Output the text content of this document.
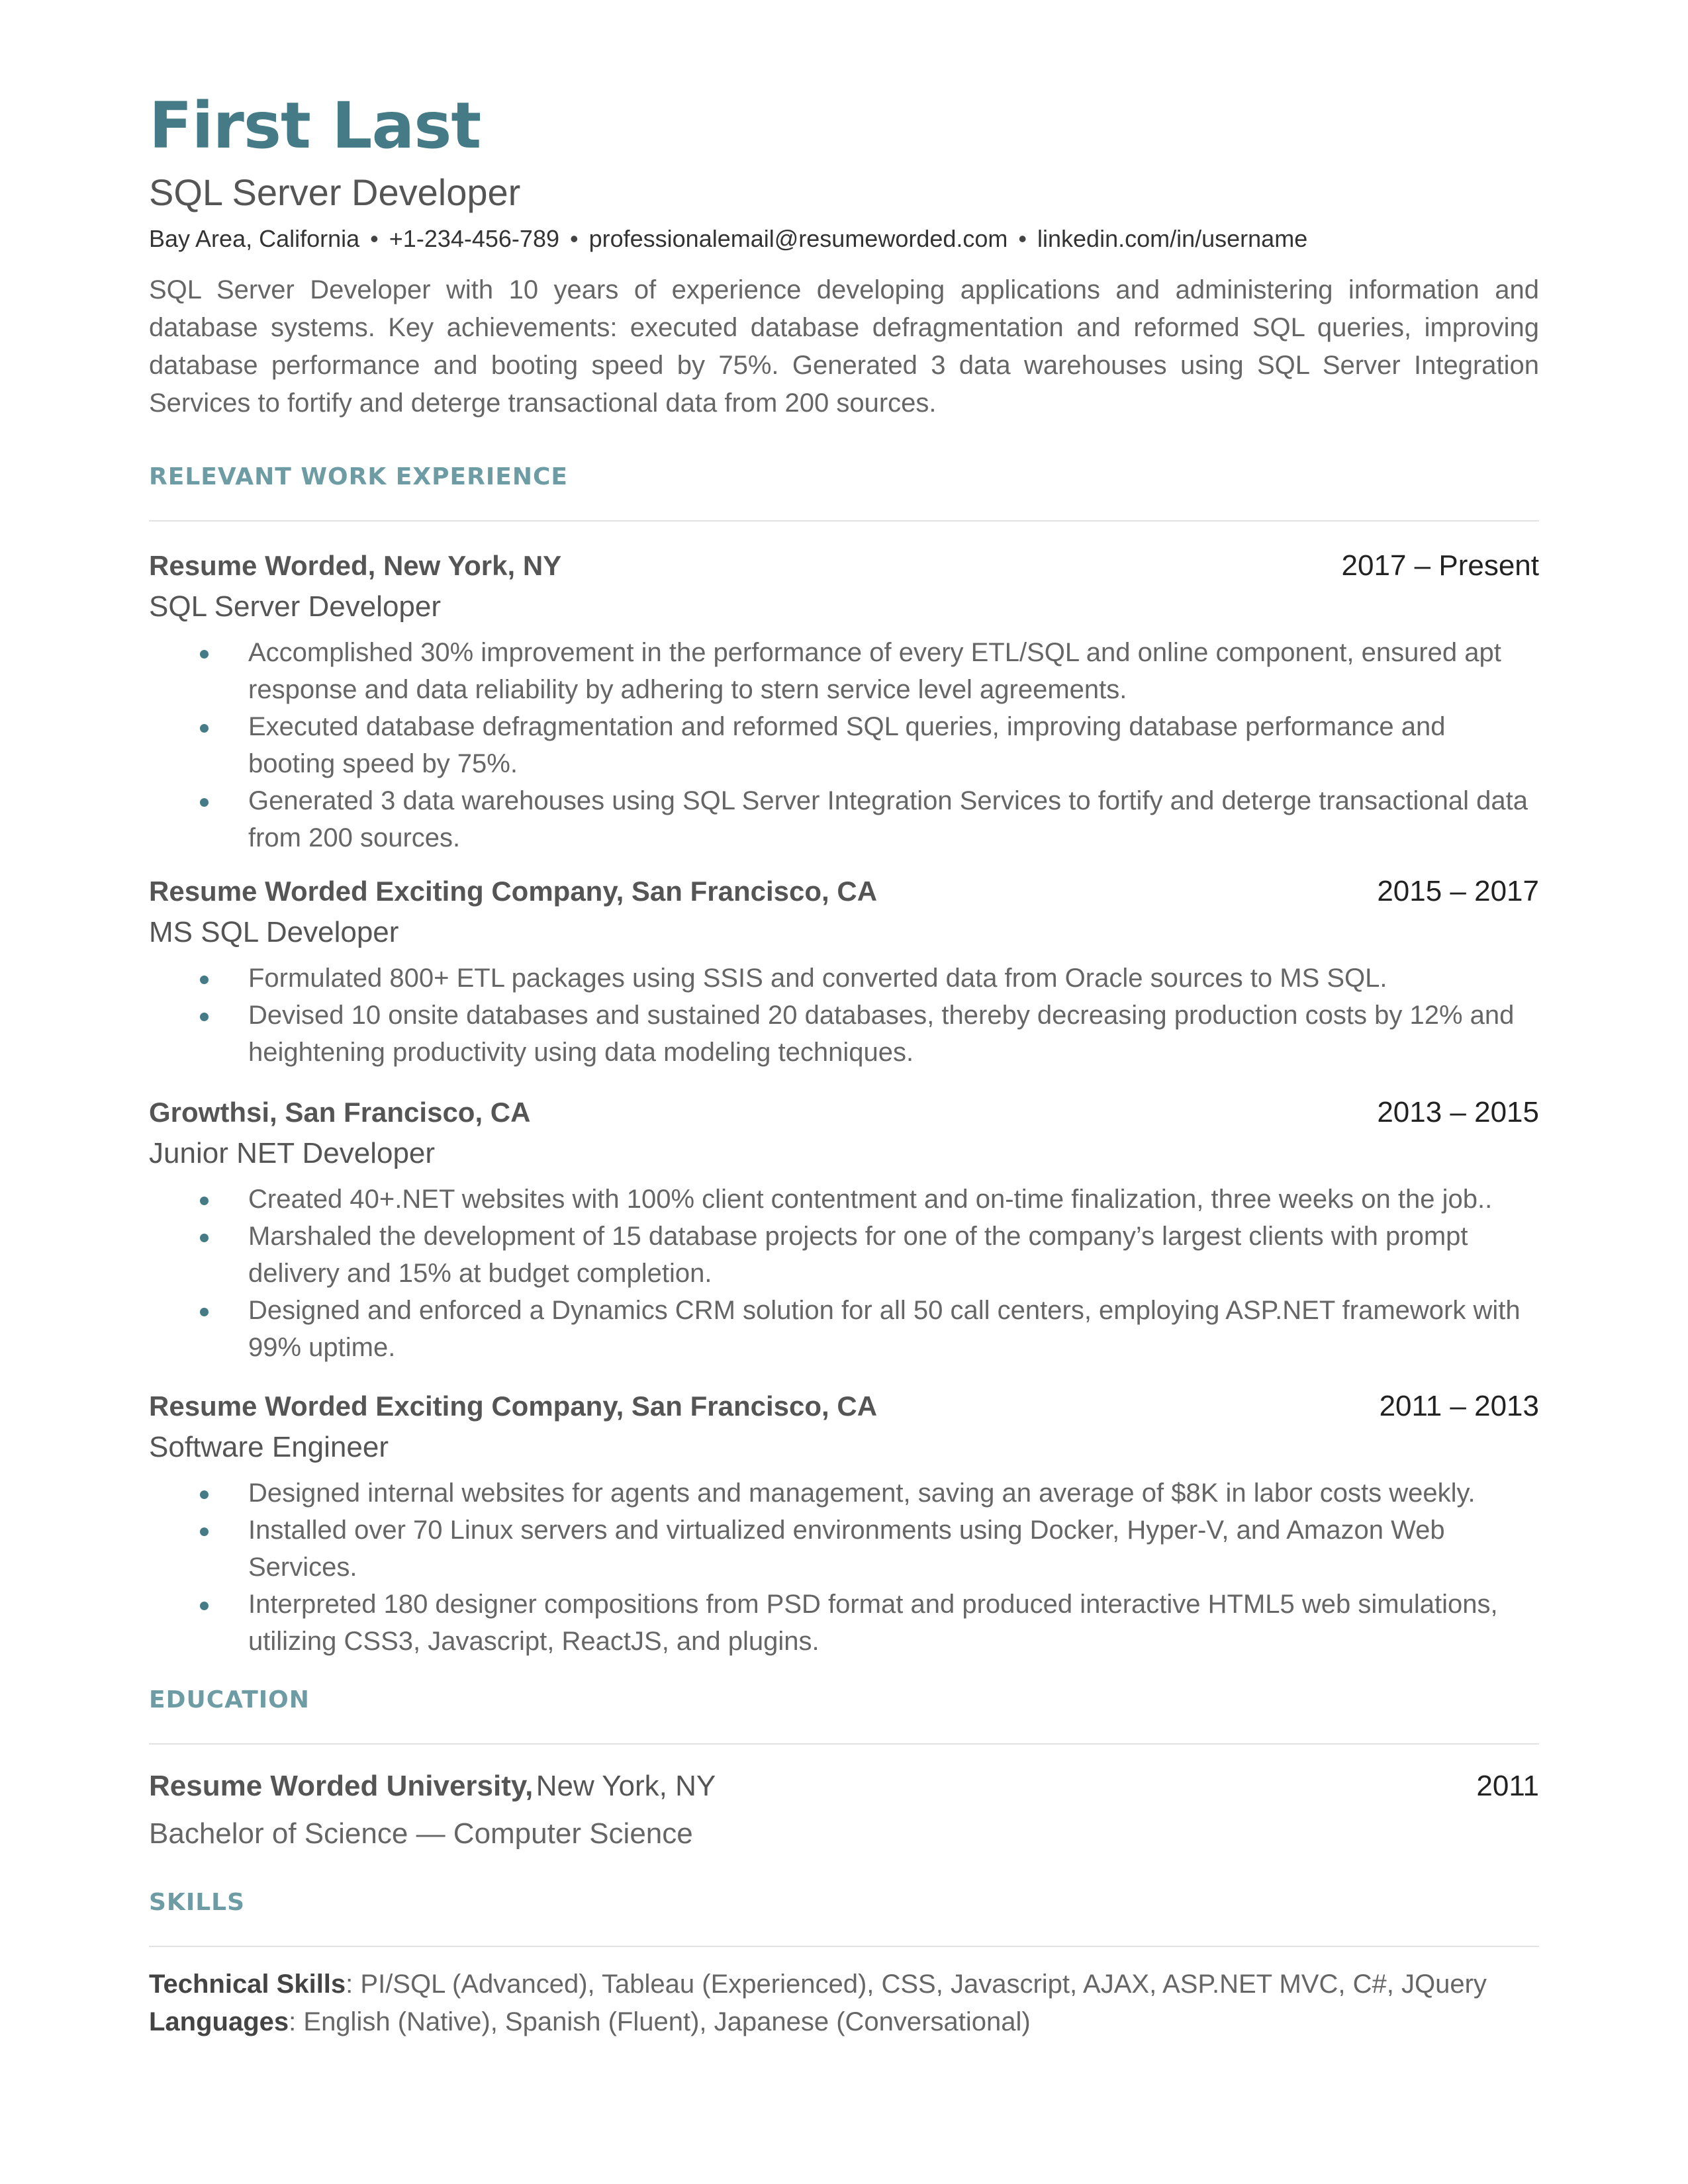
First Last
SQL Server Developer
Bay Area, California • +1-234-456-789 • professionalemail@resumeworded.com • linkedin.com/in/username
SQL Server Developer with 10 years of experience developing applications and administering information and database systems. Key achievements: executed database defragmentation and reformed SQL queries, improving database performance and booting speed by 75%. Generated 3 data warehouses using SQL Server Integration Services to fortify and deterge transactional data from 200 sources.
RELEVANT WORK EXPERIENCE
Resume Worded, New York, NY	2017 – Present
SQL Server Developer
Accomplished 30% improvement in the performance of every ETL/SQL and online component, ensured apt response and data reliability by adhering to stern service level agreements.
Executed database defragmentation and reformed SQL queries, improving database performance and booting speed by 75%.
Generated 3 data warehouses using SQL Server Integration Services to fortify and deterge transactional data from 200 sources.
Resume Worded Exciting Company, San Francisco, CA	2015 – 2017
MS SQL Developer
Formulated 800+ ETL packages using SSIS and converted data from Oracle sources to MS SQL.
Devised 10 onsite databases and sustained 20 databases, thereby decreasing production costs by 12% and heightening productivity using data modeling techniques.
Growthsi, San Francisco, CA	2013 – 2015
Junior NET Developer
Created 40+.NET websites with 100% client contentment and on-time finalization, three weeks on the job..
Marshaled the development of 15 database projects for one of the company’s largest clients with prompt delivery and 15% at budget completion.
Designed and enforced a Dynamics CRM solution for all 50 call centers, employing ASP.NET framework with 99% uptime.
Resume Worded Exciting Company, San Francisco, CA	2011 – 2013
Software Engineer
Designed internal websites for agents and management, saving an average of $8K in labor costs weekly.
Installed over 70 Linux servers and virtualized environments using Docker, Hyper-V, and Amazon Web Services.
Interpreted 180 designer compositions from PSD format and produced interactive HTML5 web simulations, utilizing CSS3, Javascript, ReactJS, and plugins.
EDUCATION
Resume Worded University, New York, NY	2011
Bachelor of Science — Computer Science
SKILLS
Technical Skills: PI/SQL (Advanced), Tableau (Experienced), CSS, Javascript, AJAX, ASP.NET MVC, C#, JQuery
Languages: English (Native), Spanish (Fluent), Japanese (Conversational)
